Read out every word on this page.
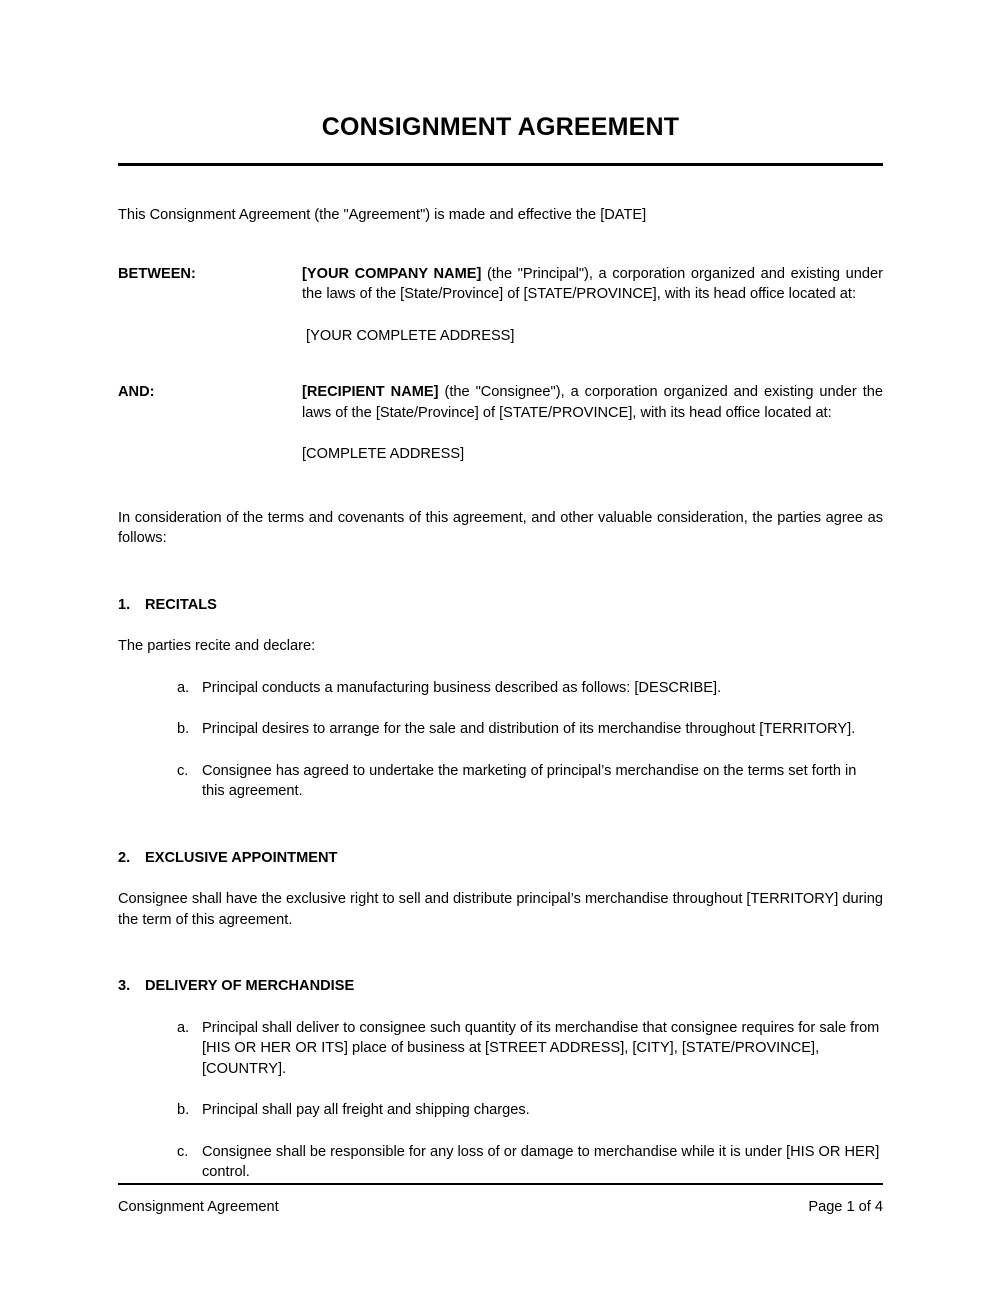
CONSIGNMENT AGREEMENT

This Consignment Agreement (the "Agreement") is made and effective the [DATE]

BETWEEN:	[YOUR COMPANY NAME] (the "Principal"), a corporation organized and existing under the laws of the [State/Province] of [STATE/PROVINCE], with its head office located at:
[YOUR COMPLETE ADDRESS]
AND:	[RECIPIENT NAME] (the "Consignee"), a corporation organized and existing under the laws of the [State/Province] of [STATE/PROVINCE], with its head office located at:
[COMPLETE ADDRESS]

In consideration of the terms and covenants of this agreement, and other valuable consideration, the parties agree as follows:

1.	RECITALS

The parties recite and declare:

a. Principal conducts a manufacturing business described as follows: [DESCRIBE].
b. Principal desires to arrange for the sale and distribution of its merchandise throughout [TERRITORY].
c. Consignee has agreed to undertake the marketing of principal’s merchandise on the terms set forth in this agreement.
2.	EXCLUSIVE APPOINTMENT

Consignee shall have the exclusive right to sell and distribute principal’s merchandise throughout [TERRITORY] during the term of this agreement.

3.	DELIVERY OF MERCHANDISE
a. Principal shall deliver to consignee such quantity of its merchandise that consignee requires for sale from [HIS OR HER OR ITS] place of business at [STREET ADDRESS], [CITY], [STATE/PROVINCE], [COUNTRY].
b. Principal shall pay all freight and shipping charges.
c. Consignee shall be responsible for any loss of or damage to merchandise while it is under [HIS OR HER] control.
Consignment Agreement	Page 1 of 4
